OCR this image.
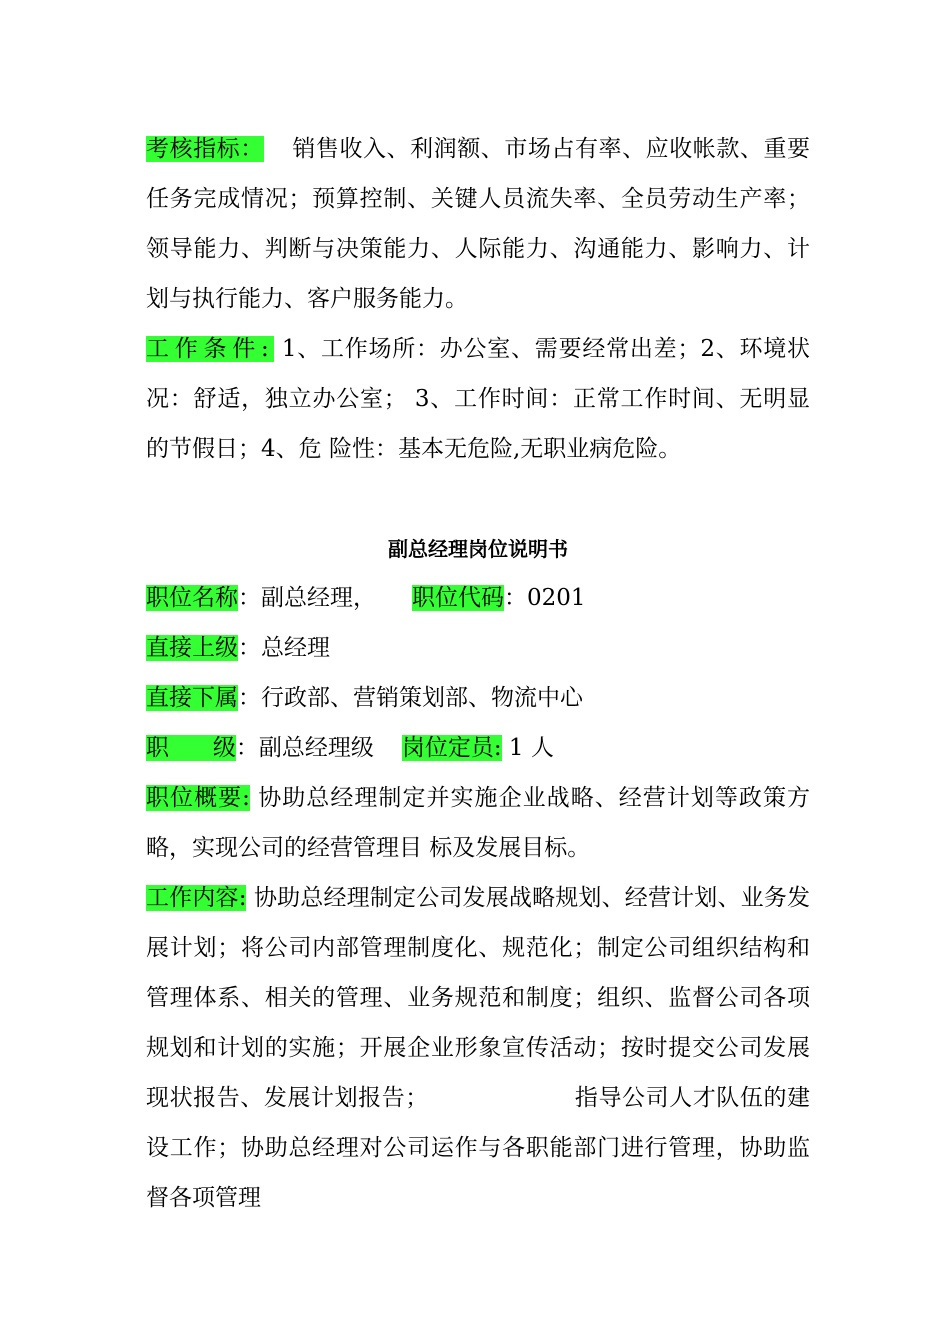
考核指标： 销售收入、利润额、市场占有率、应收帐款、重要任务完成情况；预算控制、关键人员流失率、全员劳动生产率；领导能力、判断与决策能力、人际能力、沟通能力、影响力、计划与执行能力、客户服务能力。
工作条件: 1、工作场所：办公室、需要经常出差；2、环境状况：舒适，独立办公室； 3、工作时间：正常工作时间、无明显的节假日；4、危 险性：基本无危险,无职业病危险。
副总经理岗位说明书

职位名称：副总经理， 职位代码：0201

直接上级：总经理

直接下属：行政部、营销策划部、物流中心

职      级：副总经理级 岗位定员: 1 人

职位概要: 协助总经理制定并实施企业战略、经营计划等政策方略，实现公司的经营管理目 标及发展目标。

工作内容: 协助总经理制定公司发展战略规划、经营计划、业务发展计划；将公司内部管理制度化、规范化；制定公司组织结构和管理体系、相关的管理、业务规范和制度；组织、监督公司各项规划和计划的实施；开展企业形象宣传活动；按时提交公司发展现状报告、发展计划报告；	指导公司人才队伍的建设工作；协助总经理对公司运作与各职能部门进行管理，协助监督各项管理
